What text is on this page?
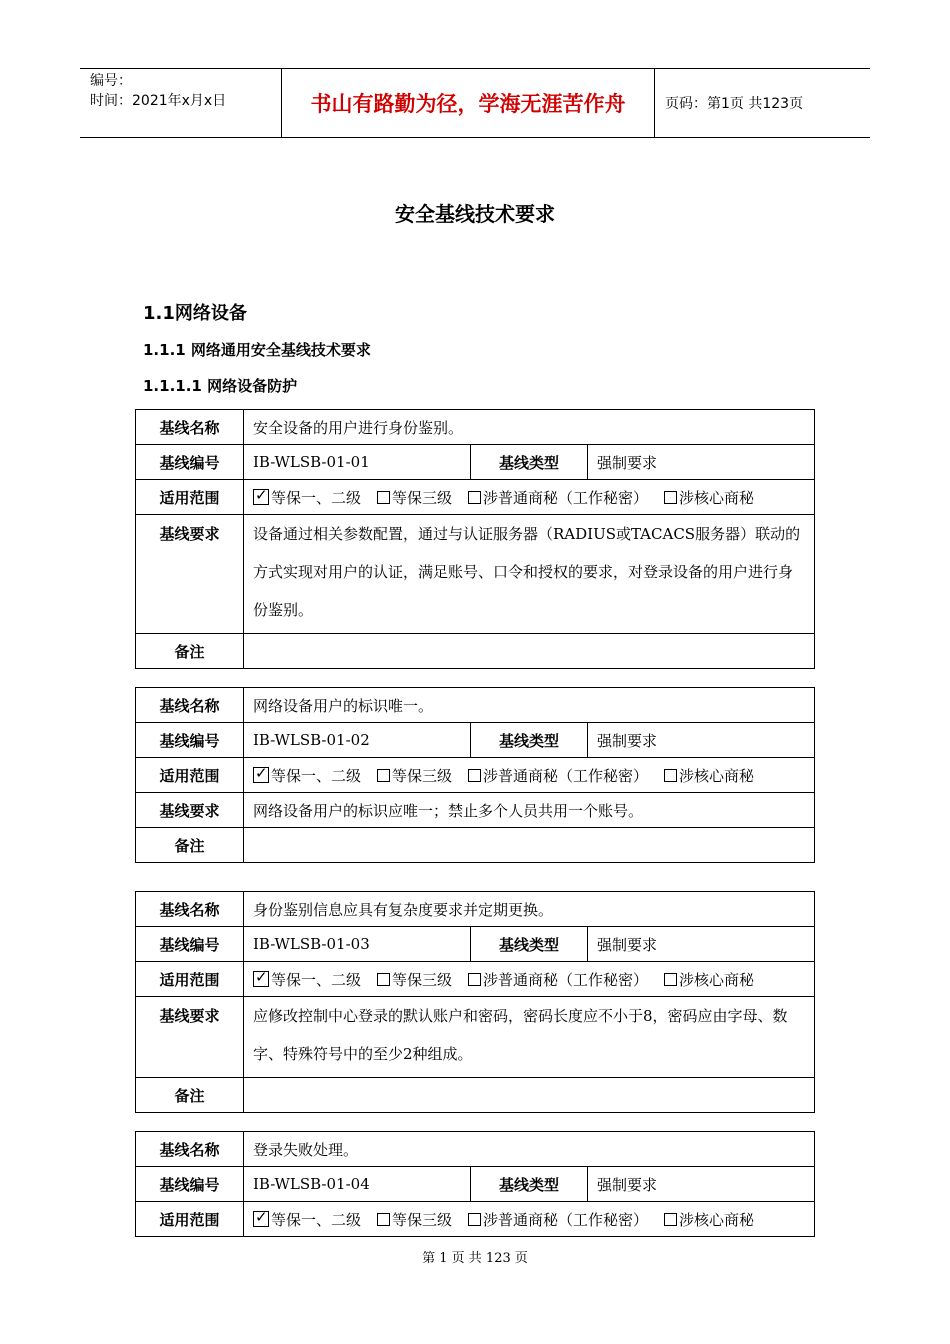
编号：
时间：2021年x月x日	书山有路勤为径，学海无涯苦作舟	页码：第1页 共123页
安全基线技术要求
1.1网络设备
1.1.1 网络通用安全基线技术要求
1.1.1.1 网络设备防护
基线名称	安全设备的用户进行身份鉴别。		
基线编号	IB-WLSB-01-01	基线类型	强制要求
适用范围	✓等保一、二级 等保三级 涉普通商秘（工作秘密） 涉核心商秘
基线要求	设备通过相关参数配置，通过与认证服务器（RADIUS或TACACS服务器）联动的方式实现对用户的认证，满足账号、口令和授权的要求，对登录设备的用户进行身份鉴别。		
备注			
基线名称	网络设备用户的标识唯一。		
基线编号	IB-WLSB-01-02	基线类型	强制要求
适用范围	✓等保一、二级 等保三级 涉普通商秘（工作秘密） 涉核心商秘
基线要求	网络设备用户的标识应唯一；禁止多个人员共用一个账号。		
备注			
基线名称	身份鉴别信息应具有复杂度要求并定期更换。		
基线编号	IB-WLSB-01-03	基线类型	强制要求
适用范围	✓等保一、二级 等保三级 涉普通商秘（工作秘密） 涉核心商秘
基线要求	应修改控制中心登录的默认账户和密码，密码长度应不小于8，密码应由字母、数字、特殊符号中的至少2种组成。		
备注			
基线名称	登录失败处理。		
基线编号	IB-WLSB-01-04	基线类型	强制要求
适用范围	✓等保一、二级 等保三级 涉普通商秘（工作秘密） 涉核心商秘
第 1 页 共 123 页
